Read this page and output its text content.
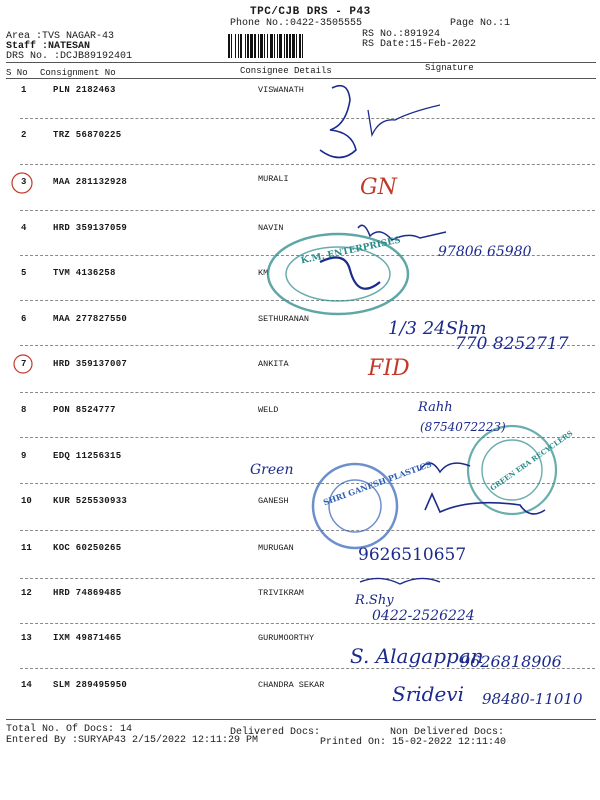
TPC/CJB DRS - P43
Phone No.:0422-3505555	Page No.:1
Area :TVS NAGAR-43
Staff :NATESAN
DRS No. :DCJB89192401
RS No.:891924
RS Date:15-Feb-2022
S No Consignment No	Consignee Details	Signature
1	PLN 2182463	VISWANATH
2	TRZ 56870225
3	MAA 281132928	MURALI
4	HRD 359137059	NAVIN
5	TVM 4136258	KM
6	MAA 277827550	SETHURANAN
7	HRD 359137007	ANKITA
8	PON 8524777	WELD
9	EDQ 11256315
10 KUR 525530933	GANESH
11 KOC 60250265	MURUGAN
12 HRD 74869485	TRIVIKRAM
13 IXM 49871465	GURUMOORTHY
14 SLM 289495950	CHANDRA SEKAR
Total No. Of Docs: 14	Delivered Docs:	Non Delivered Docs:
Entered By :SURYAP43 2/15/2022 12:11:29 PM	Printed On: 15-02-2022 12:11:40
K.M. ENTERPRISES
SHRI GANESH PLASTICS	GREEN ERA RECYCLERS
GN
97806 65980
1/3 24Shm
770 8252717
FID
Rahh
(8754072223)
Green
9626510657
R.Shy
0422-2526224
S. Alagappan
9626818906
Sridevi 98480-11010
